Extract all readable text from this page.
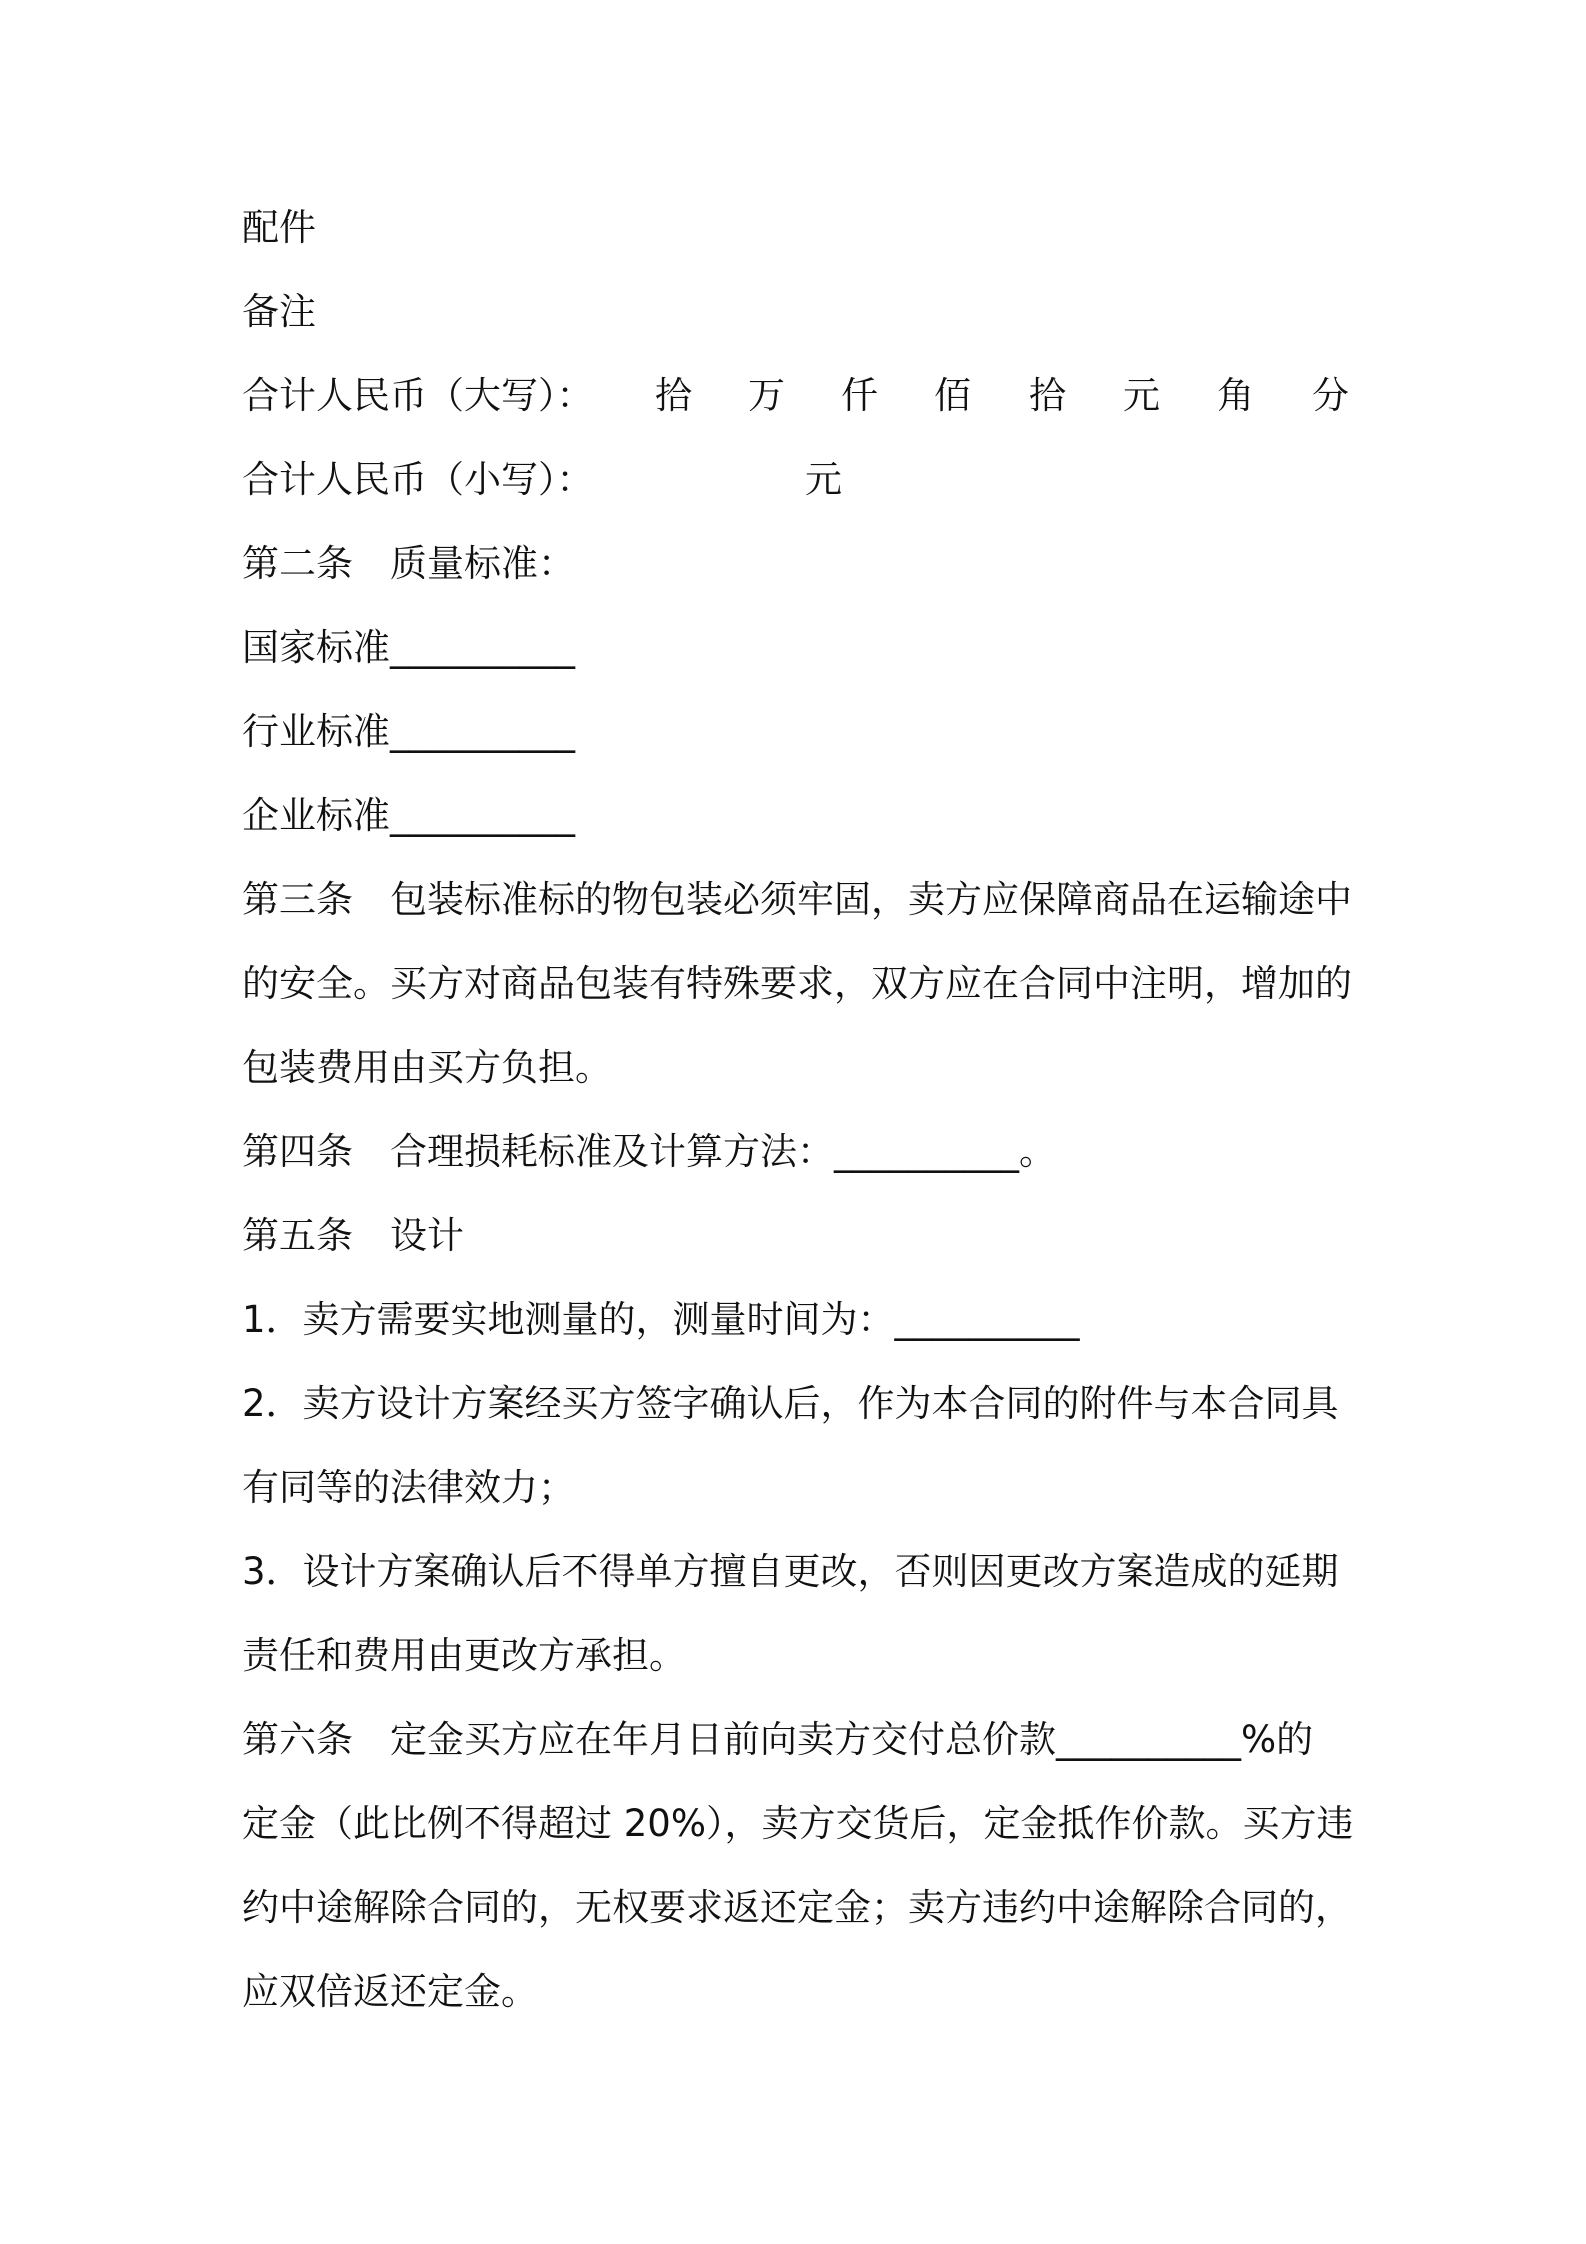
配件
备注
合计人民币（大写）： 拾 万 仟 佰 拾 元 角 分
合计人民币（小写）：	元
第二条　质量标准：
国家标准__________
行业标准__________
企业标准__________
第三条　包装标准标的物包装必须牢固，卖方应保障商品在运输途中
的安全。买方对商品包装有特殊要求，双方应在合同中注明，增加的
包装费用由买方负担。
第四条　合理损耗标准及计算方法：__________。
第五条　设计
1．卖方需要实地测量的，测量时间为：__________
2．卖方设计方案经买方签字确认后，作为本合同的附件与本合同具
有同等的法律效力；
3．设计方案确认后不得单方擅自更改，否则因更改方案造成的延期
责任和费用由更改方承担。
第六条　定金买方应在年月日前向卖方交付总价款__________%的
定金（此比例不得超过 20%），卖方交货后，定金抵作价款。买方违
约中途解除合同的，无权要求返还定金；卖方违约中途解除合同的，
应双倍返还定金。
